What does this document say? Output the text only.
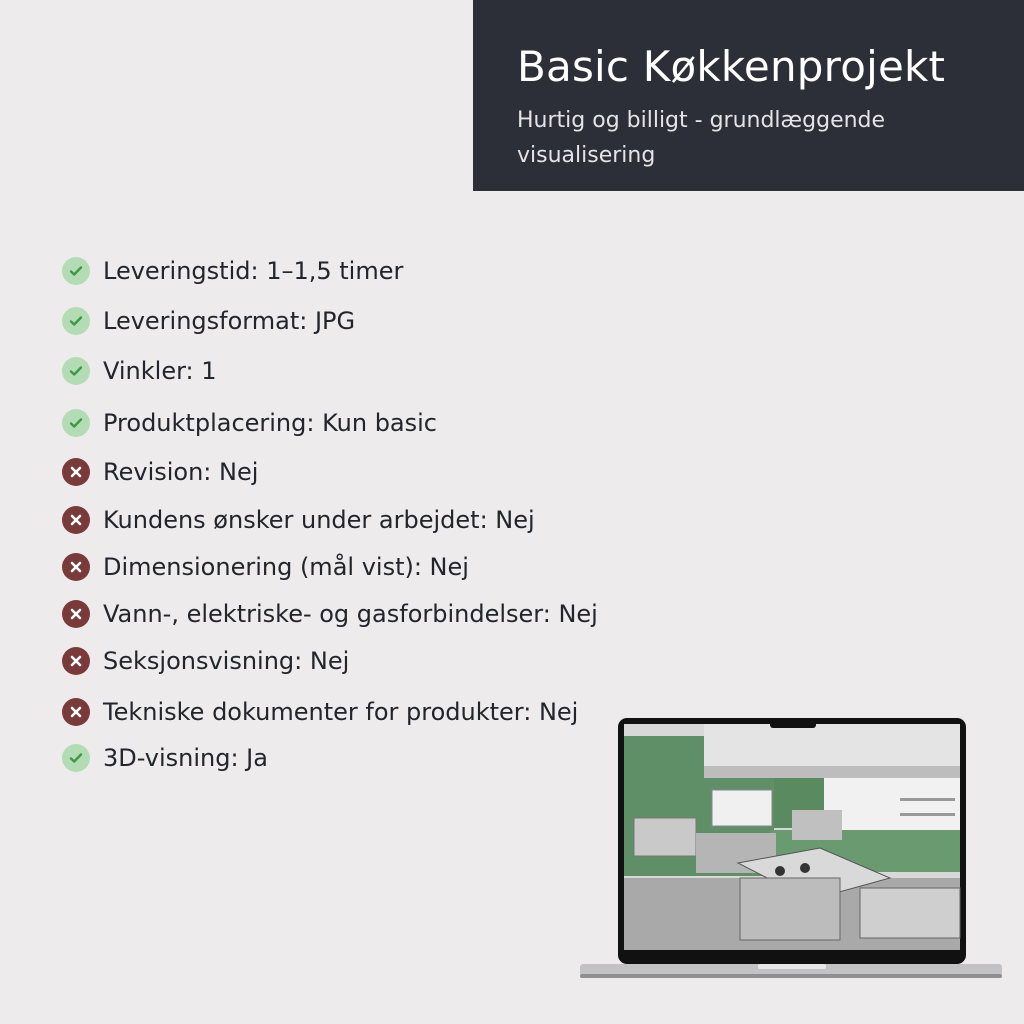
Basic Køkkenprojekt
Hurtig og billigt - grundlæggende visualisering
Leveringstid: 1–1,5 timer
Leveringsformat: JPG
Vinkler: 1
Produktplacering: Kun basic
Revision: Nej
Kundens ønsker under arbejdet: Nej
Dimensionering (mål vist): Nej
Vann-, elektriske- og gasforbindelser: Nej
Seksjonsvisning: Nej
Tekniske dokumenter for produkter: Nej
3D-visning: Ja
